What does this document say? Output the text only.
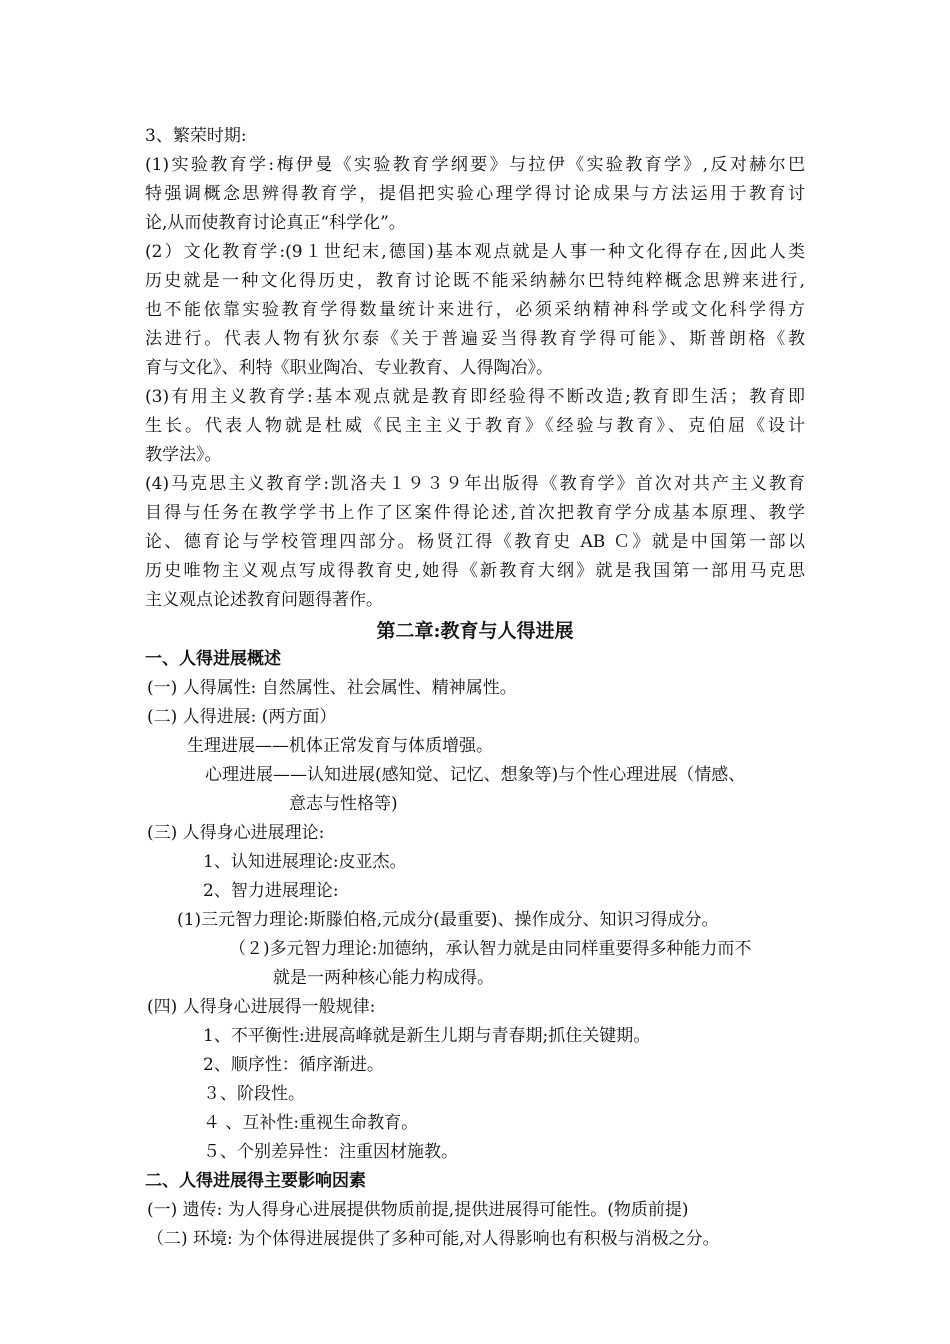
3、繁荣时期:
(1)实验教育学:梅伊曼《实验教育学纲要》与拉伊《实验教育学》,反对赫尔巴
特强调概念思辨得教育学，提倡把实验心理学得讨论成果与方法运用于教育讨
论,从而使教育讨论真正“科学化”。
(2）文化教育学:(9１世纪末,德国)基本观点就是人事一种文化得存在,因此人类
历史就是一种文化得历史，教育讨论既不能采纳赫尔巴特纯粹概念思辨来进行,
也不能依靠实验教育学得数量统计来进行，必须采纳精神科学或文化科学得方
法进行。代表人物有狄尔泰《关于普遍妥当得教育学得可能》、斯普朗格《教
育与文化》、利特《职业陶冶、专业教育、人得陶冶》。
(3)有用主义教育学:基本观点就是教育即经验得不断改造;教育即生活；教育即
生长。代表人物就是杜威《民主主义于教育》《经验与教育》、克伯屈《设计
教学法》。
(4)马克思主义教育学:凯洛夫１９３９年出版得《教育学》首次对共产主义教育
目得与任务在教学学书上作了区案件得论述,首次把教育学分成基本原理、教学
论、德育论与学校管理四部分。杨贤江得《教育史 AB Ｃ》就是中国第一部以
历史唯物主义观点写成得教育史,她得《新教育大纲》就是我国第一部用马克思
主义观点论述教育问题得著作。
第二章:教育与人得进展
一、人得进展概述
(一) 人得属性: 自然属性、社会属性、精神属性。
(二) 人得进展: (两方面）
生理进展——机体正常发育与体质增强。
心理进展——认知进展(感知觉、记忆、想象等)与个性心理进展（情感、
意志与性格等)
(三) 人得身心进展理论:
1、认知进展理论:皮亚杰。
2、智力进展理论:
(1)三元智力理论:斯滕伯格,元成分(最重要)、操作成分、知识习得成分。
（２)多元智力理论:加德纳，承认智力就是由同样重要得多种能力而不
就是一两种核心能力构成得。
(四) 人得身心进展得一般规律:
1、不平衡性:进展高峰就是新生儿期与青春期;抓住关键期。
2、顺序性：循序渐进。
３、阶段性。
４ 、互补性:重视生命教育。
５、个别差异性：注重因材施教。
二、人得进展得主要影响因素
(一) 遗传: 为人得身心进展提供物质前提,提供进展得可能性。(物质前提)
（二) 环境: 为个体得进展提供了多种可能,对人得影响也有积极与消极之分。
